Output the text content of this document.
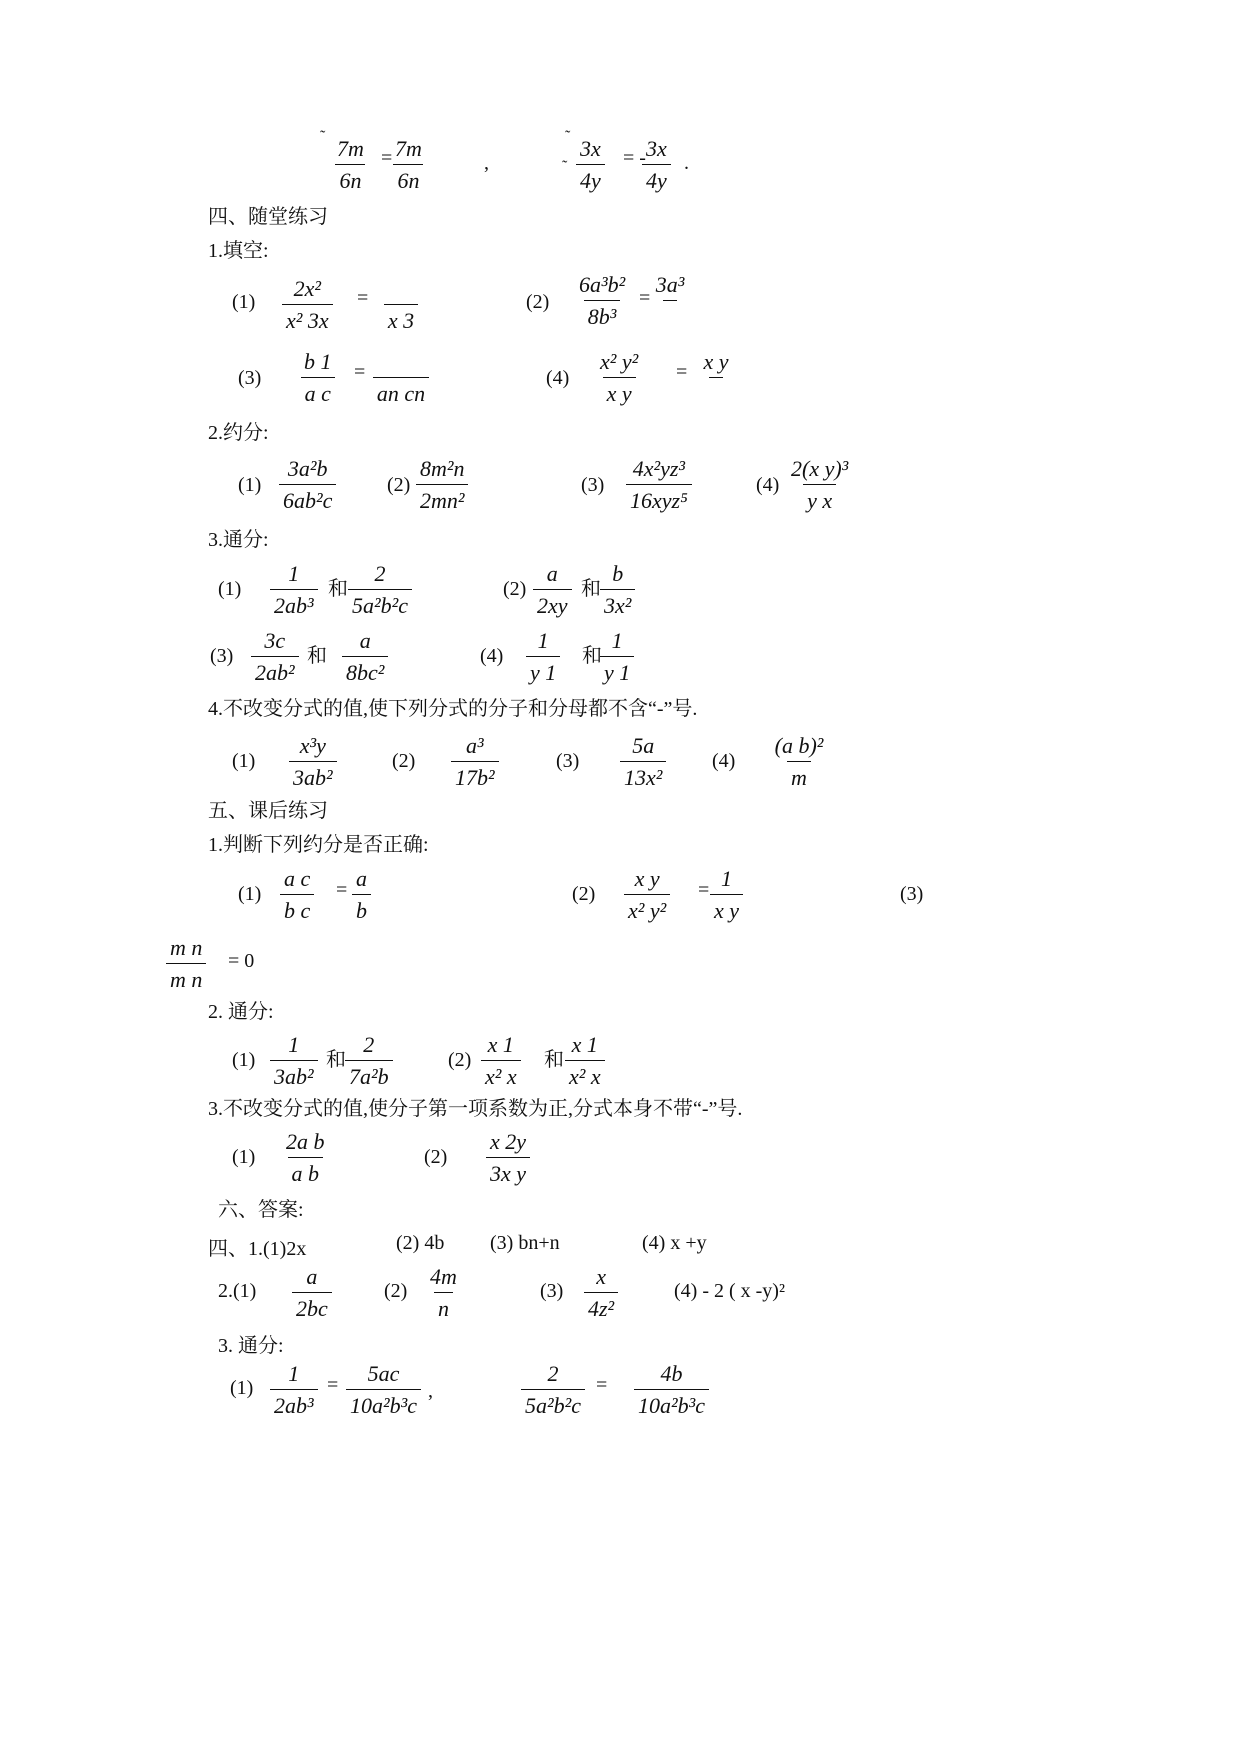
˜ $\frac{7m}{6n}$ =
$\frac{7m}{6n}$	,
˜
˜ $\frac{3x}{4y}$ = -
$\frac{3x}{4y}$ .
四、随堂练习
1.填空:
$(1) \frac{\text{2x²}}{\text{x² 3x}}$ =

x 3
$(2) \frac{\text{6a³b²}}{\text{8b³}}$ =
3a³

$(3) \frac{b 1}{\text{a c}}$ =

an cn
$(4) \frac{\text{x² y²}}{\text{x y}} = x$ y

2.约分:
$(1) \frac{\text{3a²b}}{\text{6ab²c}}$	$(2) \frac{\text{8m²n}}{\text{2mn²}}$	(3)
4x²yz³
16xyz⁵
$(4) \frac{\text{2(x y)³}}{\text{y x}}$
3.通分:
$(1) \frac{1}{\text{2ab³}}$ 和 $\frac{2}{\text{5a²b²c}}$	$(2) \frac{a}{2xy}$ 和 $\frac{b}{\text{3x²}}$
$(3) \frac{3c}{\text{2ab²}}$ 和 $\frac{a}{\text{8bc²}}$	$(4) \frac{1}{y 1}$ 和
$\frac{1}{y 1}$
4.不改变分式的值,使下列分式的分子和分母都不含“-”号.
$(1) \frac{\text{x³y}}{\text{3ab²}}$	$(2) \frac{\text{a³}}{\text{17b²}}$	$(3) \frac{5a}{\text{13x²}} (4) \frac{\text{(a b)²}}{m}$
五、课后练习
1.判断下列约分是否正确:
$(1) \frac{\text{a c}}{\text{b c}} = \frac{a}{b}$	$(2) \frac{\text{x y}}{\text{x² y²}} = \frac{1}{\text{x y}}$	(3)
$\frac{\text{m n}}{\text{m n}} = 0$
2. 通分:
$(1) \frac{1}{\text{3ab²}}$ 和 $\frac{2}{\text{7a²b}}$	$(2) \frac{x 1}{\text{x² x}}$ 和 $\frac{x 1}{\text{x² x}}$
3.不改变分式的值,使分子第一项系数为正,分式本身不带“-”号.
$(1) \frac{\text{2a b}}{\text{a b}}$	$(2) \frac{x 2y}{\text{3x y}}$
六、答案:
四、1.(1)2x	(2) 4b (3) bn+n	(4) x +y
$2.(1) \frac{a}{2bc}$	$(2) \frac{4m}{n}$	$(3) \frac{x}{\text{4z²}}$	(4) - 2 ( x -y)²
3. 通分:
$(1) \frac{1}{\text{2ab³}} = \frac{5ac}{\text{10a²b³c}}$ ,	$\frac{2}{\text{5a²b²c}} = \frac{4b}{\text{10a²b³c}}$
